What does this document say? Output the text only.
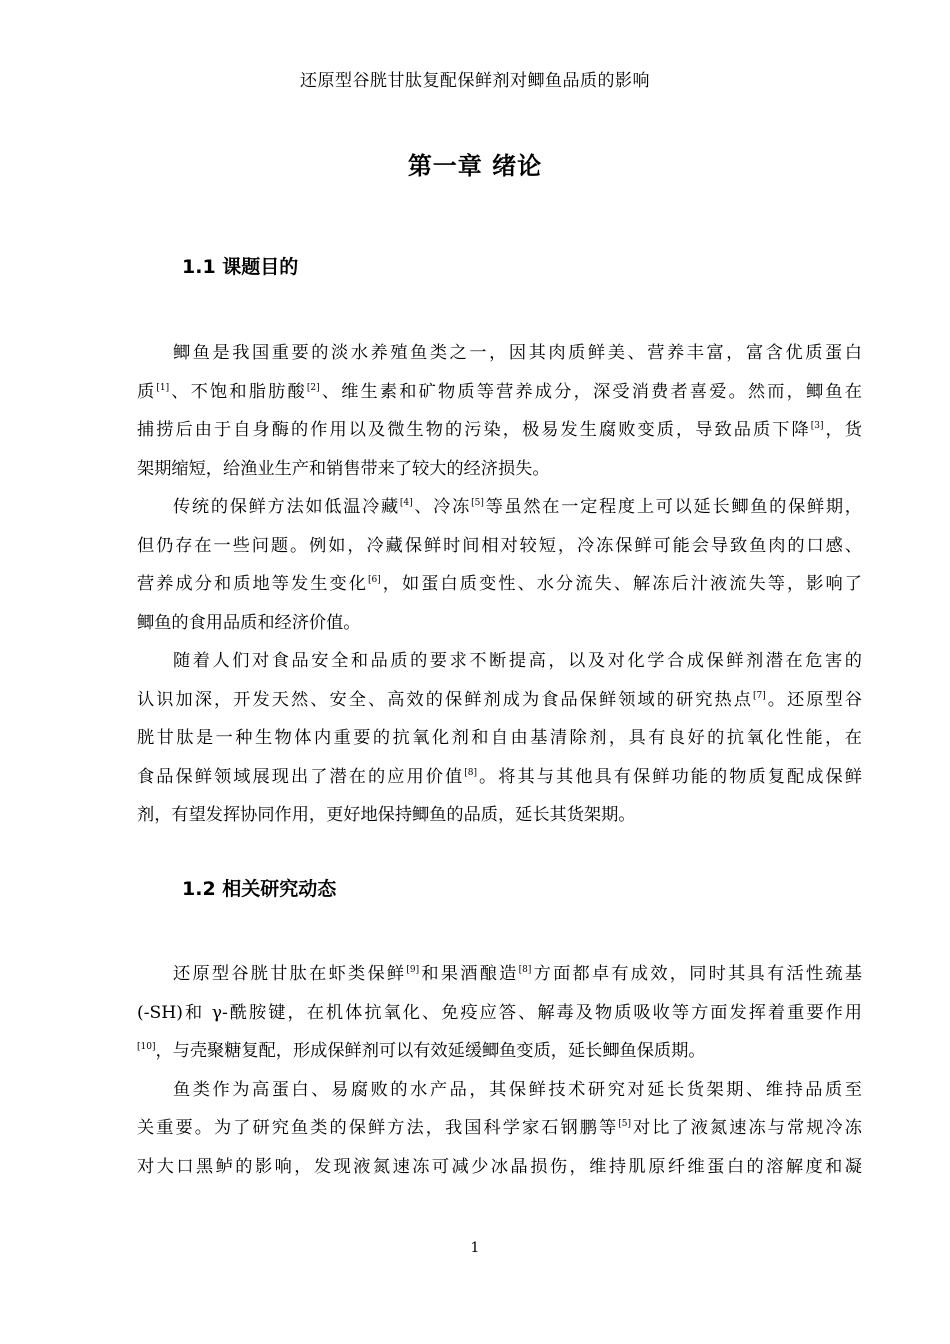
还原型谷胱甘肽复配保鲜剂对鲫鱼品质的影响
第一章 绪论
1.1 课题目的
鲫鱼是我国重要的淡水养殖鱼类之一，因其肉质鲜美、营养丰富，富含优质蛋白
质[1]、不饱和脂肪酸[2]、维生素和矿物质等营养成分，深受消费者喜爱。然而，鲫鱼在
捕捞后由于自身酶的作用以及微生物的污染，极易发生腐败变质，导致品质下降[3]，货
架期缩短，给渔业生产和销售带来了较大的经济损失。
传统的保鲜方法如低温冷藏[4]、冷冻[5]等虽然在一定程度上可以延长鲫鱼的保鲜期，
但仍存在一些问题。例如，冷藏保鲜时间相对较短，冷冻保鲜可能会导致鱼肉的口感、
营养成分和质地等发生变化[6]，如蛋白质变性、水分流失、解冻后汁液流失等，影响了
鲫鱼的食用品质和经济价值。
随着人们对食品安全和品质的要求不断提高，以及对化学合成保鲜剂潜在危害的
认识加深，开发天然、安全、高效的保鲜剂成为食品保鲜领域的研究热点[7]。还原型谷
胱甘肽是一种生物体内重要的抗氧化剂和自由基清除剂，具有良好的抗氧化性能，在
食品保鲜领域展现出了潜在的应用价值[8]。将其与其他具有保鲜功能的物质复配成保鲜
剂，有望发挥协同作用，更好地保持鲫鱼的品质，延长其货架期。
1.2 相关研究动态
还原型谷胱甘肽在虾类保鲜[9]和果酒酿造[8]方面都卓有成效，同时其具有活性巯基
(-SH)和 γ-酰胺键，在机体抗氧化、免疫应答、解毒及物质吸收等方面发挥着重要作用
[10]，与壳聚糖复配，形成保鲜剂可以有效延缓鲫鱼变质，延长鲫鱼保质期。
鱼类作为高蛋白、易腐败的水产品，其保鲜技术研究对延长货架期、维持品质至
关重要。为了研究鱼类的保鲜方法，我国科学家石钢鹏等[5]对比了液氮速冻与常规冷冻
对大口黑鲈的影响，发现液氮速冻可减少冰晶损伤，维持肌原纤维蛋白的溶解度和凝
1
